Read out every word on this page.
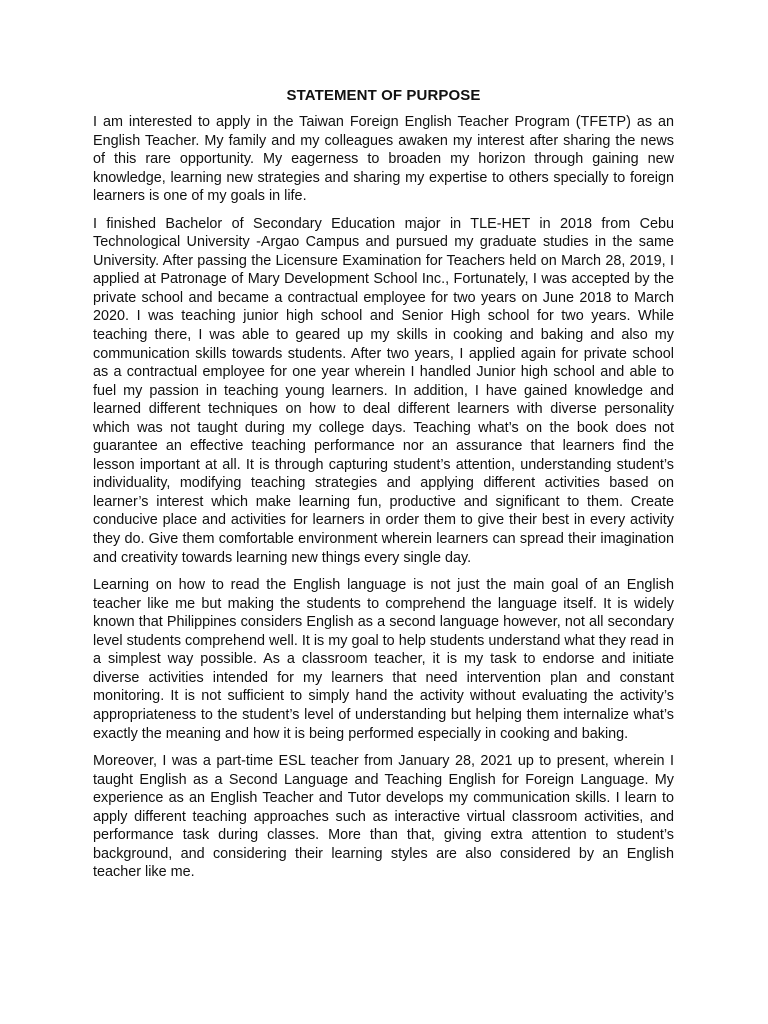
STATEMENT OF PURPOSE

I am interested to apply in the Taiwan Foreign English Teacher Program (TFETP) as an English Teacher. My family and my colleagues awaken my interest after sharing the news of this rare opportunity. My eagerness to broaden my horizon through gaining new knowledge, learning new strategies and sharing my expertise to others specially to foreign learners is one of my goals in life.

I finished Bachelor of Secondary Education major in TLE-HET in 2018 from Cebu Technological University -Argao Campus and pursued my graduate studies in the same University. After passing the Licensure Examination for Teachers held on March 28, 2019, I applied at Patronage of Mary Development School Inc., Fortunately, I was accepted by the private school and became a contractual employee for two years on June 2018 to March 2020. I was teaching junior high school and Senior High school for two years. While teaching there, I was able to geared up my skills in cooking and baking and also my communication skills towards students. After two years, I applied again for private school as a contractual employee for one year wherein I handled Junior high school and able to fuel my passion in teaching young learners. In addition, I have gained knowledge and learned different techniques on how to deal different learners with diverse personality which was not taught during my college days. Teaching what’s on the book does not guarantee an effective teaching performance nor an assurance that learners find the lesson important at all. It is through capturing student’s attention, understanding student’s individuality, modifying teaching strategies and applying different activities based on learner’s interest which make learning fun, productive and significant to them. Create conducive place and activities for learners in order them to give their best in every activity they do. Give them comfortable environment wherein learners can spread their imagination and creativity towards learning new things every single day.

Learning on how to read the English language is not just the main goal of an English teacher like me but making the students to comprehend the language itself. It is widely known that Philippines considers English as a second language however, not all secondary level students comprehend well. It is my goal to help students understand what they read in a simplest way possible. As a classroom teacher, it is my task to endorse and initiate diverse activities intended for my learners that need intervention plan and constant monitoring. It is not sufficient to simply hand the activity without evaluating the activity’s appropriateness to the student’s level of understanding but helping them internalize what’s exactly the meaning and how it is being performed especially in cooking and baking.

Moreover, I was a part-time ESL teacher from January 28, 2021 up to present, wherein I taught English as a Second Language and Teaching English for Foreign Language. My experience as an English Teacher and Tutor develops my communication skills. I learn to apply different teaching approaches such as interactive virtual classroom activities, and performance task during classes. More than that, giving extra attention to student’s background, and considering their learning styles are also considered by an English teacher like me.
